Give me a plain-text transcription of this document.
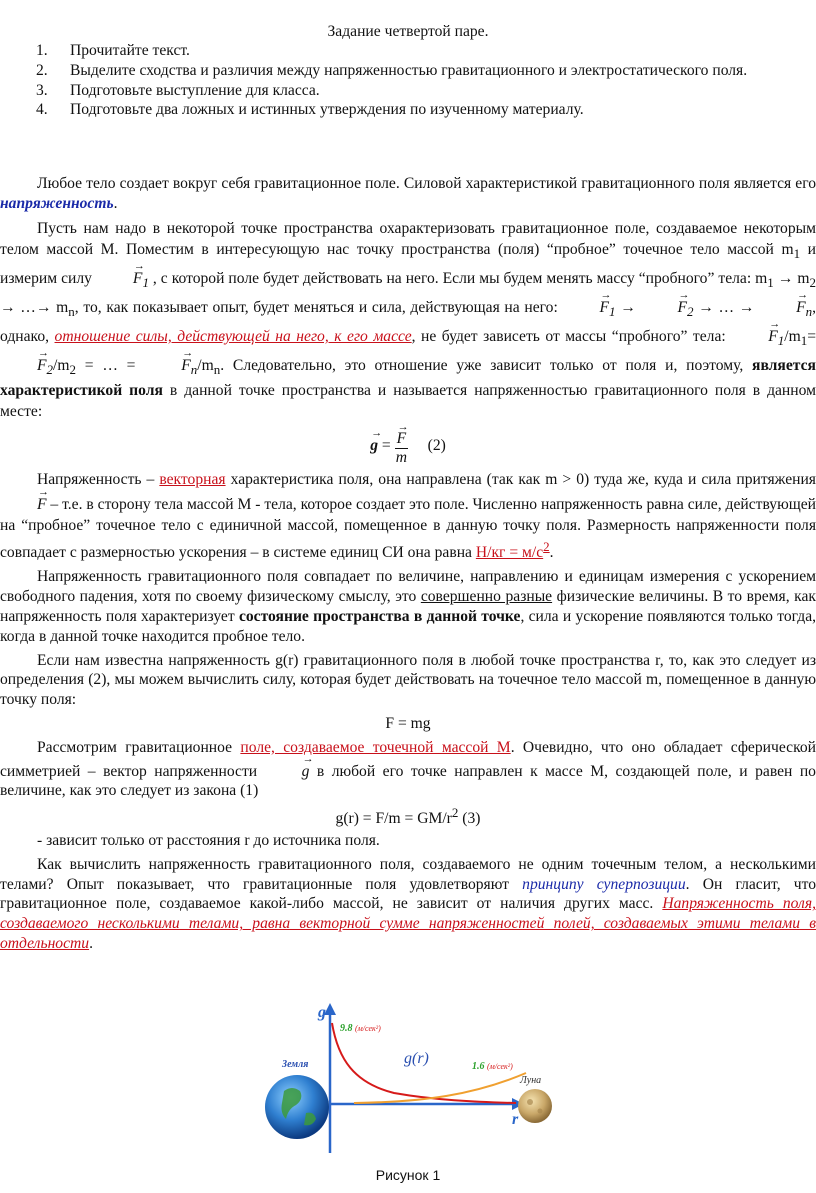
Задание четвертой паре.
1. Прочитайте текст.
2. Выделите сходства и различия между напряженностью гравитационного и электростатического поля.
3. Подготовьте выступление для класса.
4. Подготовьте два ложных и истинных утверждения по изученному материалу.

Любое тело создает вокруг себя гравитационное поле. Силовой характеристикой гравитационного поля является его напряженность.

Пусть нам надо в некоторой точке пространства охарактеризовать гравитационное поле, создаваемое некоторым телом массой М. Поместим в интересующую нас точку пространства (поля) “пробное” точечное тело массой $m_1$ и измерим силу → $F_1$ , с которой поле будет действовать на него. Если мы будем менять массу “пробного” тела: $m_1 \to m_2$ → …→ $m_n$, то, как показывает опыт, будет меняться и сила, действующая на него: → $F_1$ → → $F_2$ → … → → $F_n$, однако, отношение силы, действующей на него, к его массе, не будет зависеть от массы “пробного” тела: → $F_1/m_1= \to F_2/m_2$ = … = → $F_n/m_n$. Следовательно, это отношение уже зависит только от поля и, поэтому, является характеристикой поля в данной точке пространства и называется напряженностью гравитационного поля в данном месте:

→ g =
→ $\frac{F}{m} (2)$

Напряженность – векторная характеристика поля, она направлена (так как m > 0) туда же, куда и сила притяжения → F – т.е. в сторону тела массой М - тела, которое создает это поле. Численно напряженность равна силе, действующей на “пробное” точечное тело с единичной массой, помещенное в данную точку поля. Размерность напряженности поля совпадает с размерностью ускорения – в системе единиц СИ она равна $Н/кг = м/с^2$.

Напряженность гравитационного поля совпадает по величине, направлению и единицам измерения с ускорением свободного падения, хотя по своему физическому смыслу, это совершенно разные физические величины. В то время, как напряженность поля характеризует состояние пространства в данной точке, сила и ускорение появляются только тогда, когда в данной точке находится пробное тело.

Если нам известна напряженность g(r) гравитационного поля в любой точке пространства r, то, как это следует из определения (2), мы можем вычислить силу, которая будет действовать на точечное тело массой m, помещенное в данную точку поля:

F = mg

Рассмотрим гравитационное поле, создаваемое точечной массой М. Очевидно, что оно обладает сферической симметрией – вектор напряженности → g в любой его точке направлен к массе М, создающей поле, и равен по величине, как это следует из закона (1)

$g(r) = F/m = GM/r^2$ (3)

- зависит только от расстояния r до источника поля.

Как вычислить напряженность гравитационного поля, создаваемого не одним точечным телом, а несколькими телами? Опыт показывает, что гравитационные поля удовлетворяют принципу суперпозиции. Он гласит, что гравитационное поле, создаваемое какой-либо массой, не зависит от наличия других масс. Напряженность поля, создаваемого несколькими телами, равна векторной сумме напряженностей полей, создаваемых этими телами в отдельности.

g
r
Земля
Луна
g(r)
9.8 (м/сек²)
1.6 (м/сек²)
Рисунок 1
